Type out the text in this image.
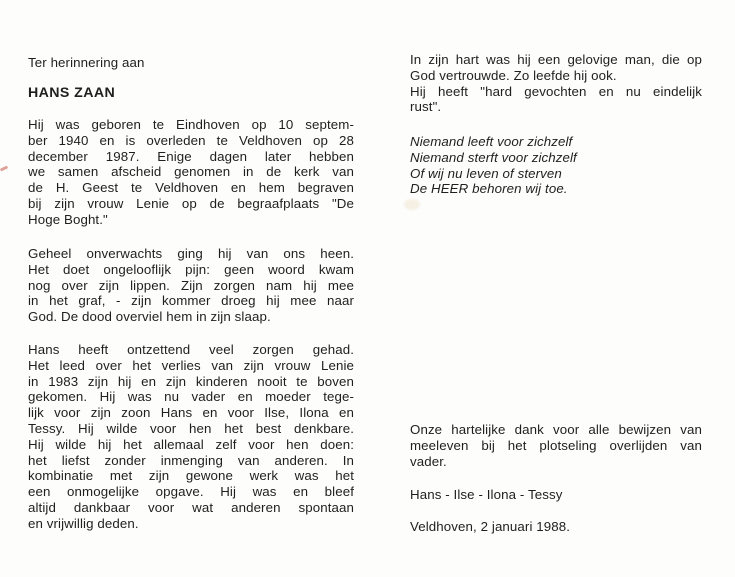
Ter herinnering aan
HANS ZAAN
Hij was geboren te Eindhoven op 10 septem-
ber 1940 en is overleden te Veldhoven op 28
december 1987. Enige dagen later hebben
we samen afscheid genomen in de kerk van
de H. Geest te Veldhoven en hem begraven
bij zijn vrouw Lenie op de begraafplaats "De
Hoge Boght."
Geheel onverwachts ging hij van ons heen.
Het doet ongelooflijk pijn: geen woord kwam
nog over zijn lippen. Zijn zorgen nam hij mee
in het graf, - zijn kommer droeg hij mee naar
God. De dood overviel hem in zijn slaap.
Hans heeft ontzettend veel zorgen gehad.
Het leed over het verlies van zijn vrouw Lenie
in 1983 zijn hij en zijn kinderen nooit te boven
gekomen. Hij was nu vader en moeder tege-
lijk voor zijn zoon Hans en voor Ilse, Ilona en
Tessy. Hij wilde voor hen het best denkbare.
Hij wilde hij het allemaal zelf voor hen doen:
het liefst zonder inmenging van anderen. In
kombinatie met zijn gewone werk was het
een onmogelijke opgave. Hij was en bleef
altijd dankbaar voor wat anderen spontaan
en vrijwillig deden.
In zijn hart was hij een gelovige man, die op
God vertrouwde. Zo leefde hij ook.
Hij heeft "hard gevochten en nu eindelijk
rust".
Niemand leeft voor zichzelf
Niemand sterft voor zichzelf
Of wij nu leven of sterven
De HEER behoren wij toe.
Onze hartelijke dank voor alle bewijzen van
meeleven bij het plotseling overlijden van
vader.
Hans - Ilse - Ilona - Tessy
Veldhoven, 2 januari 1988.
